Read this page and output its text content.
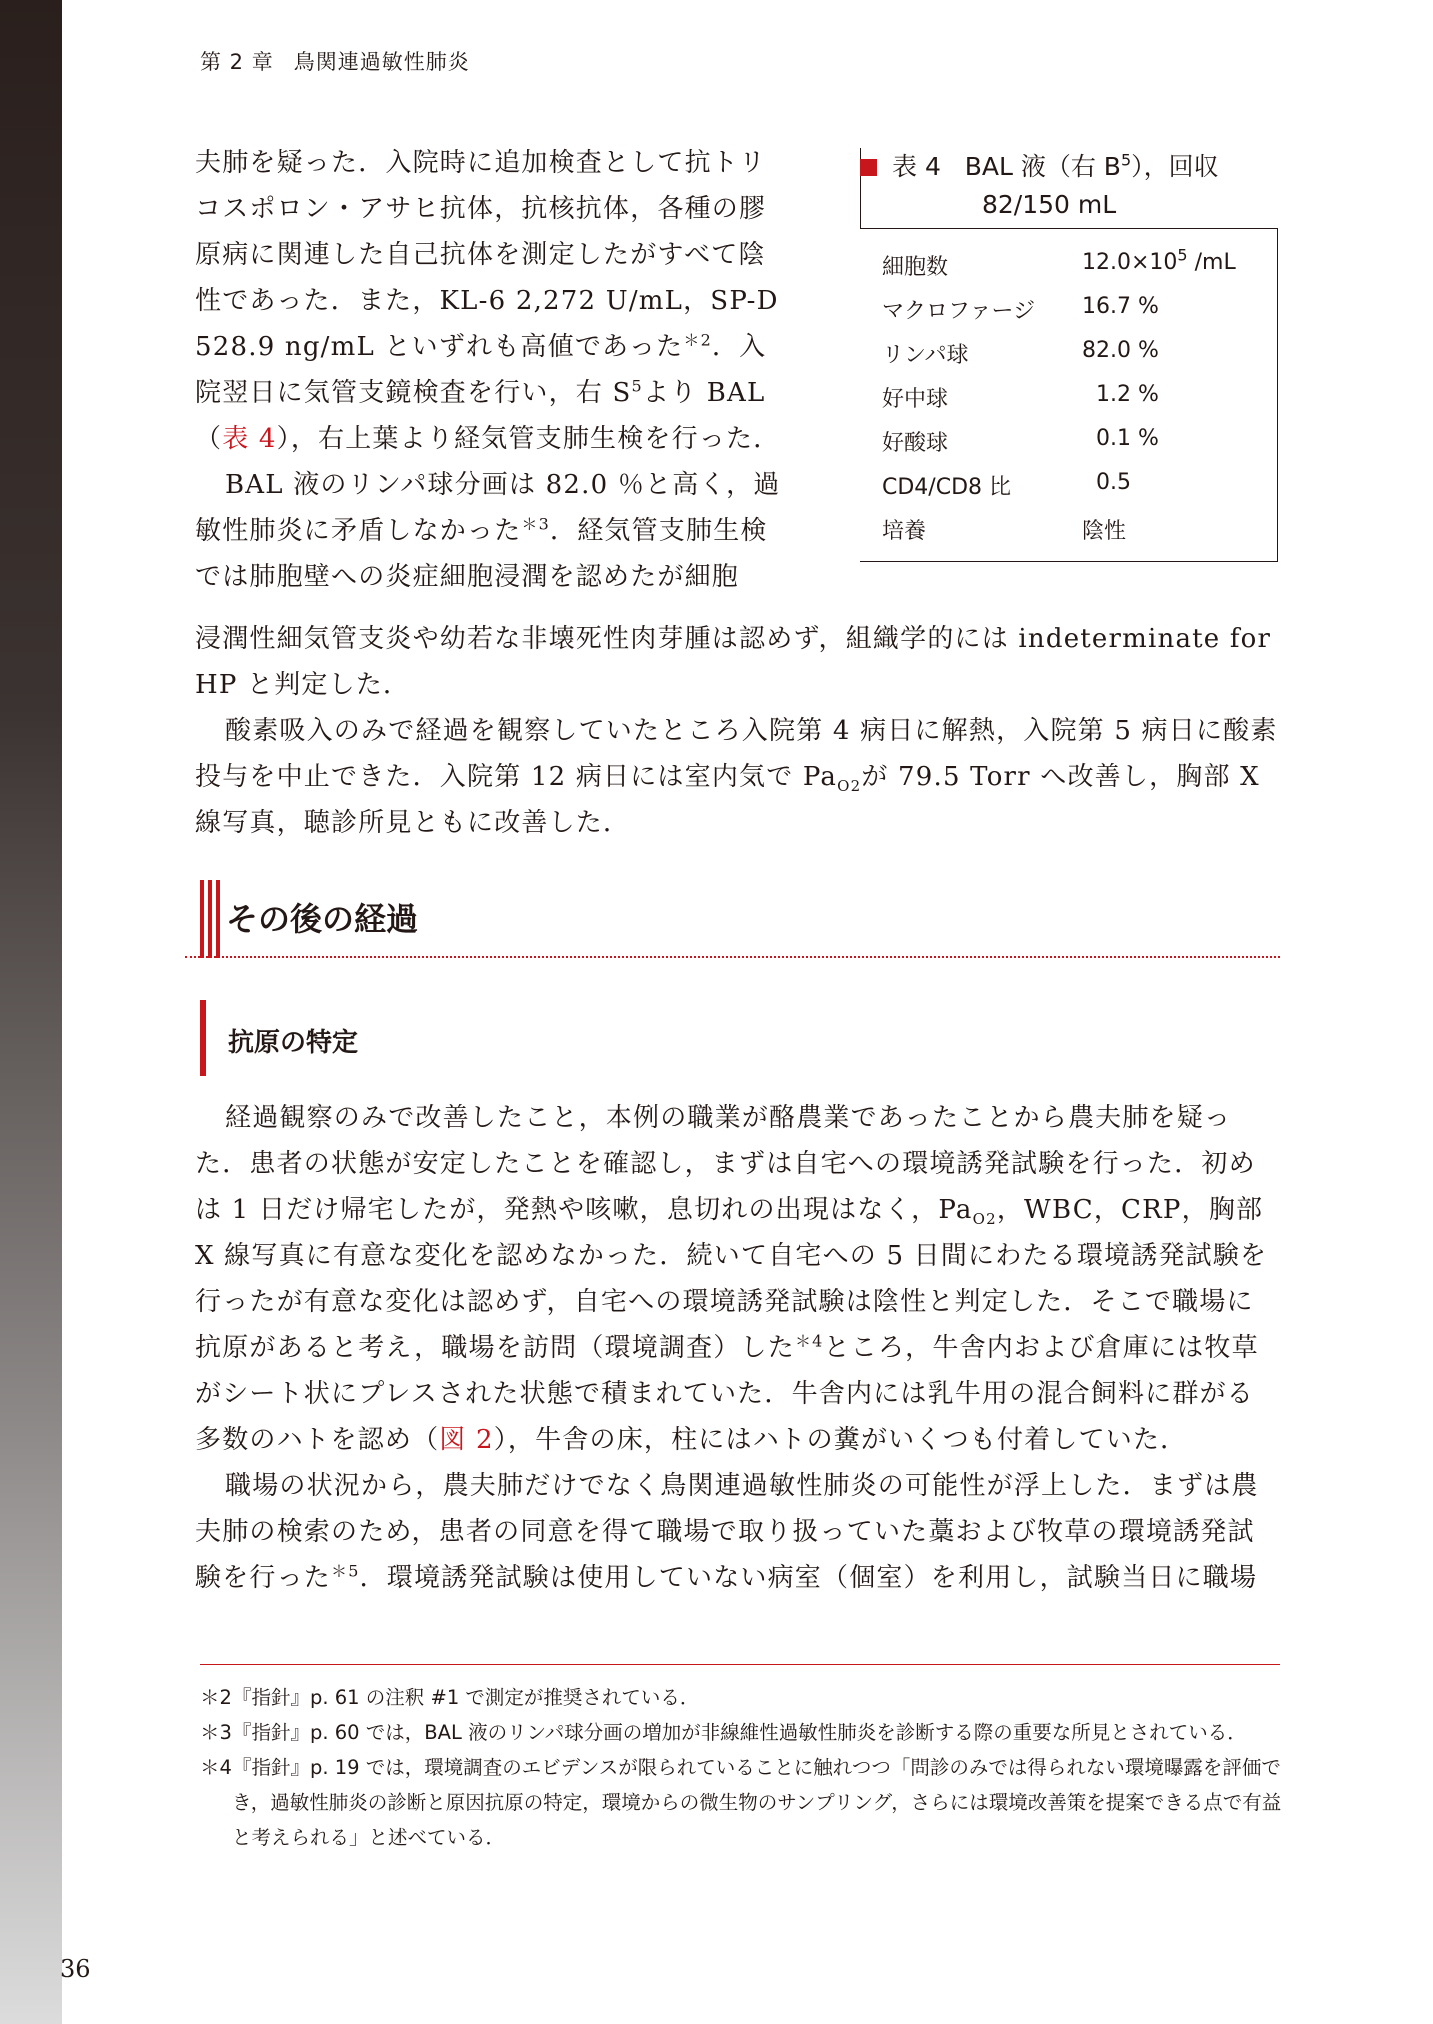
第 2 章 鳥関連過敏性肺炎

夫肺を疑った．入院時に追加検査として抗トリコスポロン・アサヒ抗体，抗核抗体，各種の膠原病に関連した自己抗体を測定したがすべて陰性であった．また，KL-6 2,272 U/mL，SP-D 528.9 ng/mL といずれも高値であった$^{*2}$．入院翌日に気管支鏡検査を行い，右 $S^5$より BAL（表 4），右上葉より経気管支肺生検を行った．

BAL 液のリンパ球分画は 82.0 ％と高く，過敏性肺炎に矛盾しなかった$^{*3}$．経気管支肺生検では肺胞壁への炎症細胞浸潤を認めたが細胞

表 4 BAL 液（右 $B^5$），回収
82/150 mL
細胞数	$12.0\times 10^5$ /mL
マクロファージ 16.7 %
リンパ球	82.0 %
好中球	1.2 %
好酸球	0.1 %
CD4/CD8 比	0.5
培養	陰性

浸潤性細気管支炎や幼若な非壊死性肉芽腫は認めず，組織学的には indeterminate for HP と判定した．

酸素吸入のみで経過を観察していたところ入院第 4 病日に解熱，入院第 5 病日に酸素投与を中止できた．入院第 12 病日には室内気で $Pa_{O2}$が 79.5 Torr へ改善し，胸部 X 線写真，聴診所見ともに改善した．

その後の経過
抗原の特定

経過観察のみで改善したこと，本例の職業が酪農業であったことから農夫肺を疑った．患者の状態が安定したことを確認し，まずは自宅への環境誘発試験を行った．初めは 1 日だけ帰宅したが，発熱や咳嗽，息切れの出現はなく，$Pa_{O2}$，WBC，CRP，胸部 X 線写真に有意な変化を認めなかった．続いて自宅への 5 日間にわたる環境誘発試験を行ったが有意な変化は認めず，自宅への環境誘発試験は陰性と判定した．そこで職場に抗原があると考え，職場を訪問（環境調査）した$^{*4}$ところ，牛舎内および倉庫には牧草がシート状にプレスされた状態で積まれていた．牛舎内には乳牛用の混合飼料に群がる多数のハトを認め（図 2），牛舎の床，柱にはハトの糞がいくつも付着していた．

職場の状況から，農夫肺だけでなく鳥関連過敏性肺炎の可能性が浮上した．まずは農夫肺の検索のため，患者の同意を得て職場で取り扱っていた藁および牧草の環境誘発試験を行った$^{*5}$．環境誘発試験は使用していない病室（個室）を利用し，試験当日に職場

＊2 『指針』p. 61 の注釈 #1 で測定が推奨されている．
＊3 『指針』p. 60 では，BAL 液のリンパ球分画の増加が非線維性過敏性肺炎を診断する際の重要な所見とされている．
＊4 『指針』p. 19 では，環境調査のエビデンスが限られていることに触れつつ「問診のみでは得られない環境曝露を評価でき，過敏性肺炎の診断と原因抗原の特定，環境からの微生物のサンプリング，さらには環境改善策を提案できる点で有益と考えられる」と述べている．
36
